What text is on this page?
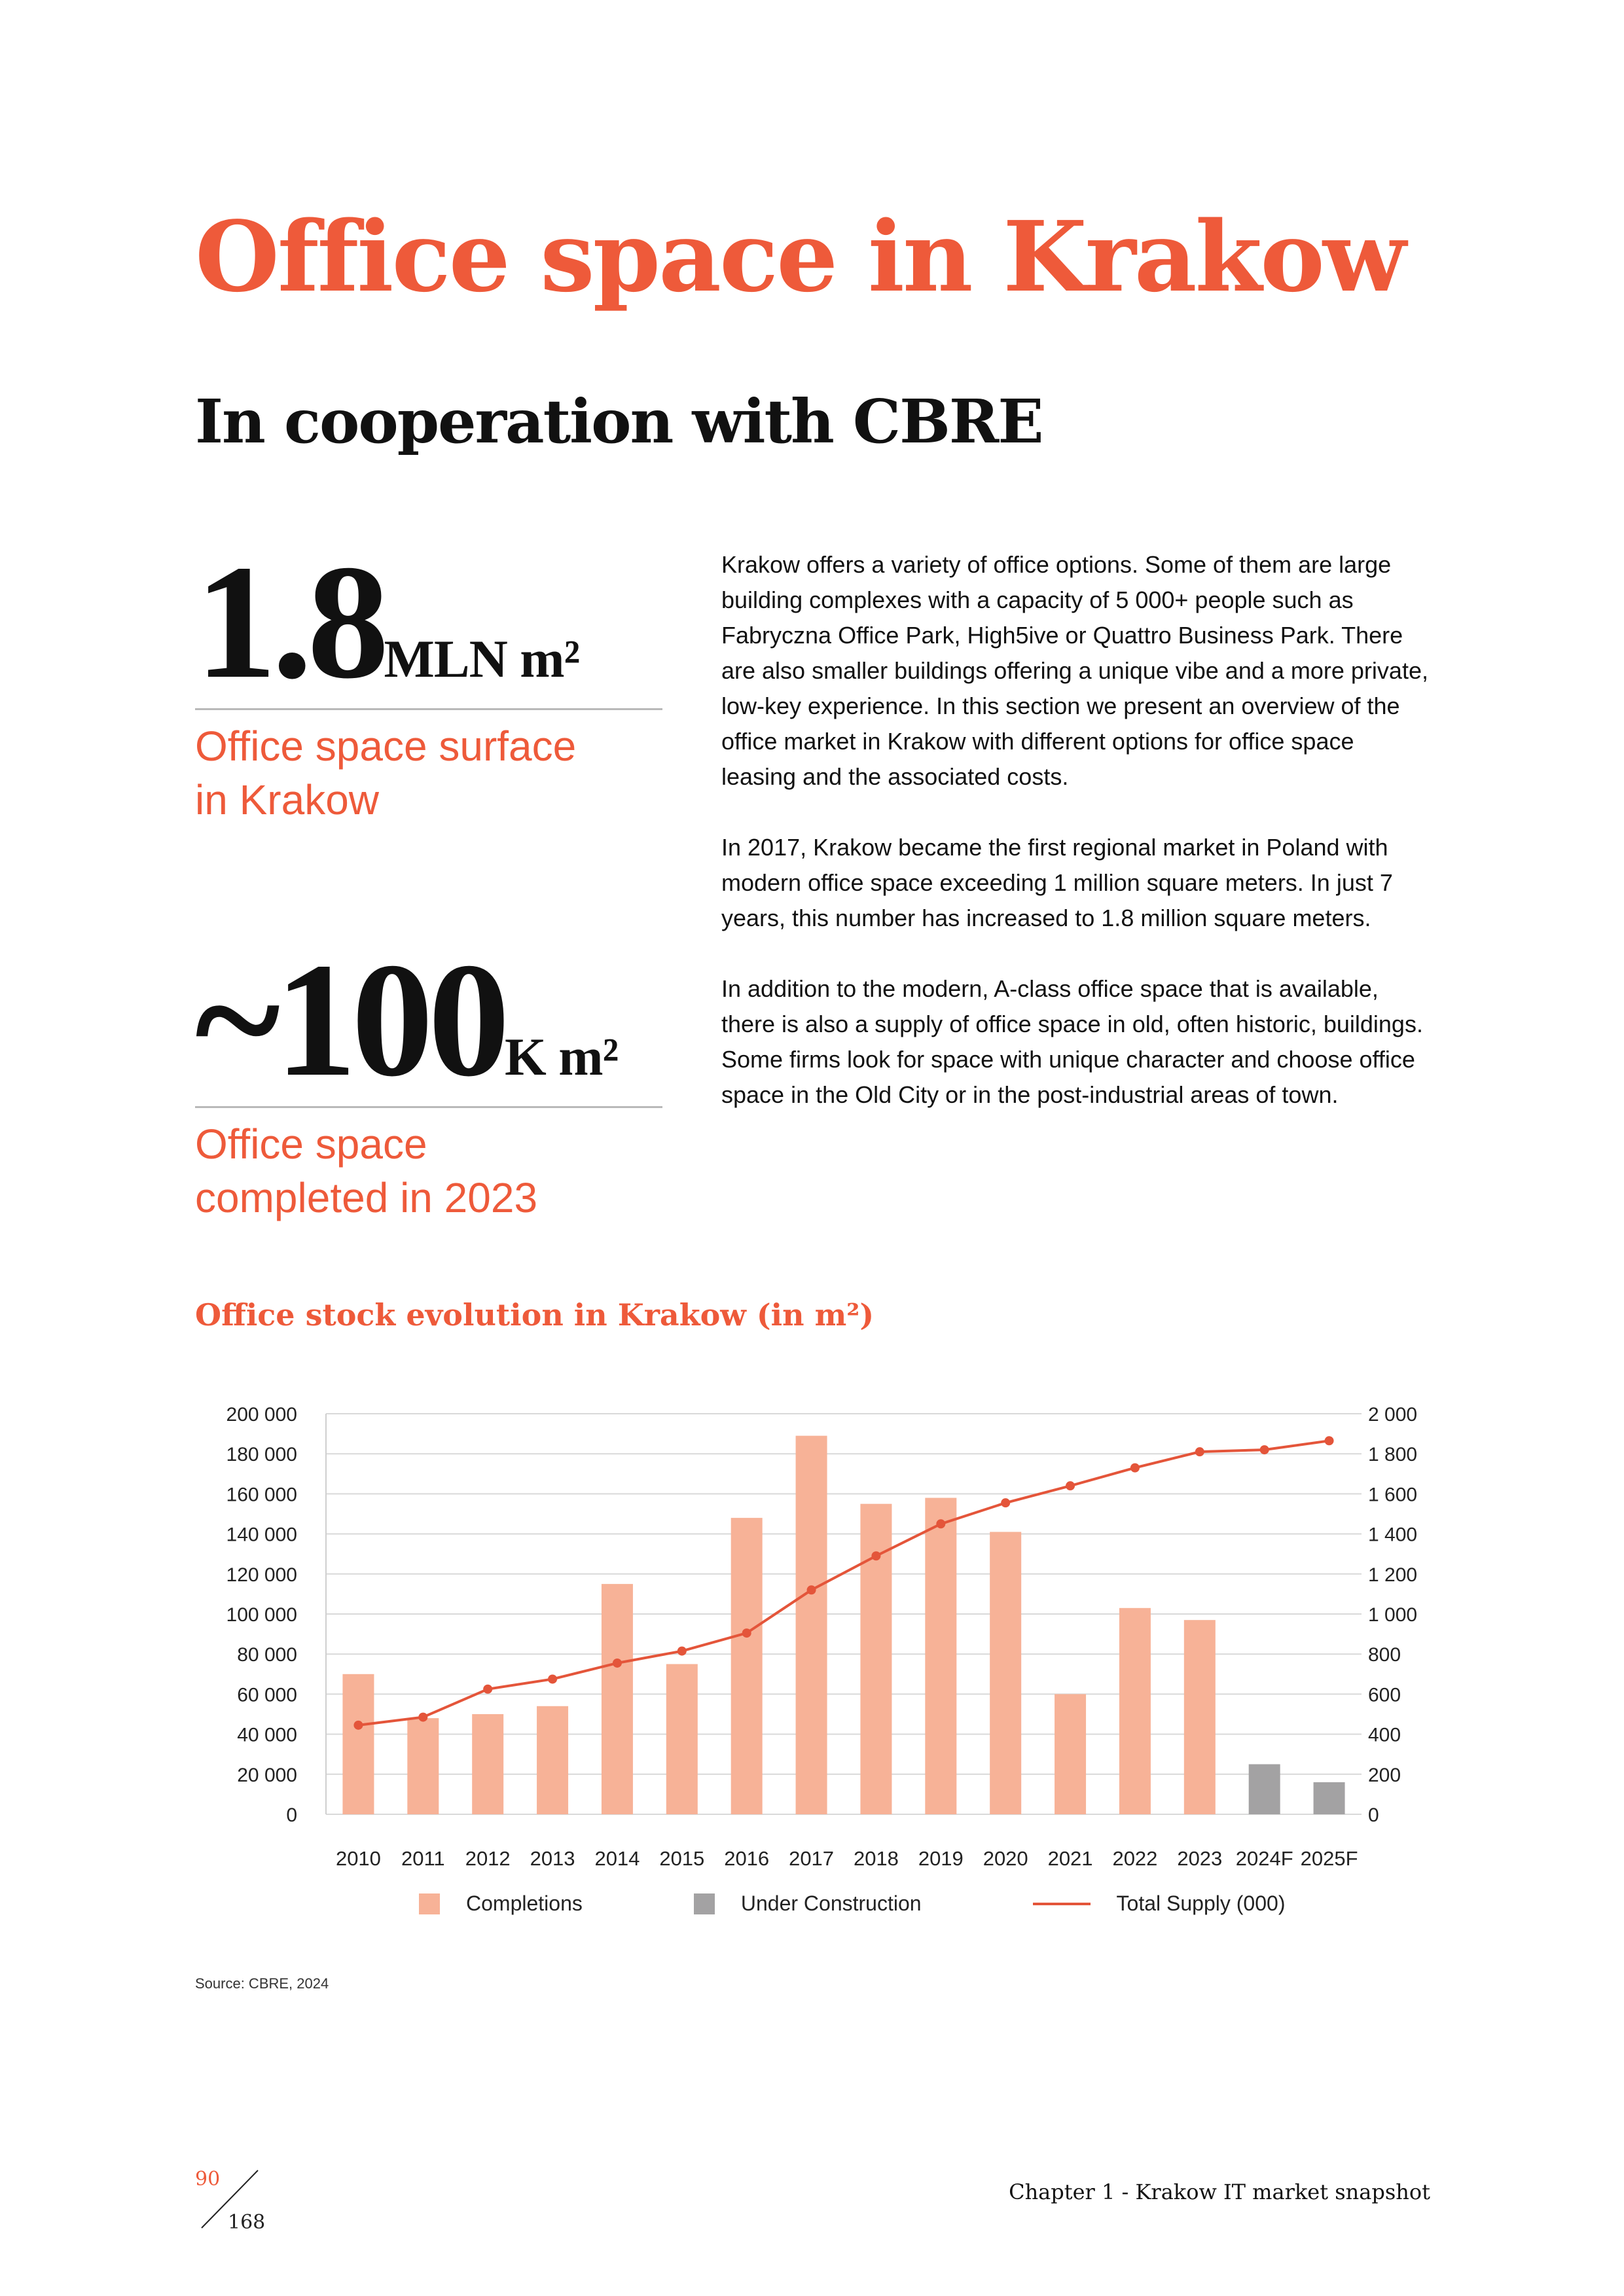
Office space in Krakow
In cooperation with CBRE
1.8MLN m²
Office space surface
in Krakow
~100K m²
Office space
completed in 2023

Krakow offers a variety of office options. Some of them are large building complexes with a capacity of 5 000+ people such as Fabryczna Office Park, High5ive or Quattro Business Park. There are also smaller buildings offering a unique vibe and a more private, low-key experience. In this section we present an overview of the office market in Krakow with different options for office space leasing and the associated costs.

In 2017, Krakow became the first regional market in Poland with modern office space exceeding 1 million square meters. In just 7 years, this number has increased to 1.8 million square meters.

In addition to the modern, A-class office space that is available, there is also a supply of office space in old, often historic, buildings. Some firms look for space with unique character and choose office space in the Old City or in the post-industrial areas of town.

Office stock evolution in Krakow (in m²)
0
20 000
40 000
60 000
80 000
100 000
120 000
140 000
160 000
180 000
200 000
0
200
400
600
800
1 000
1 200
1 400
1 600
1 800
2 000
2010 2011 2012 2013 2014 2015 2016 2017 2018 2019 2020 2021 2022 2023 2024F 2025F
Completions	Under Construction	Total Supply (000)
Source: CBRE, 2024
90
168
Chapter 1 - Krakow IT market snapshot
